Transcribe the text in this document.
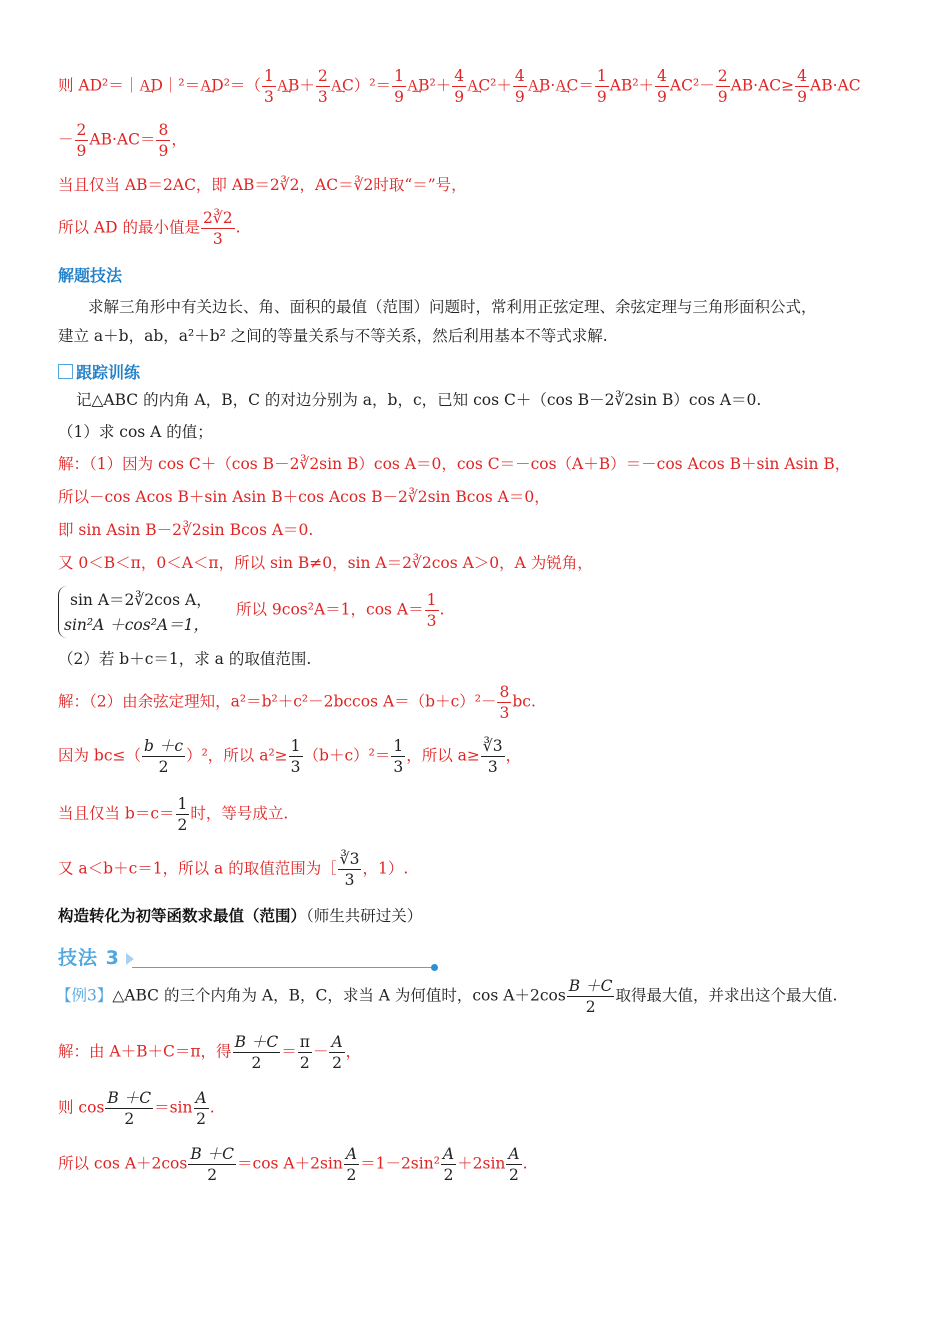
则 AD²＝｜A͢D｜²＝A͢D²＝（ $\frac{1}{3}$ A͢B＋ $\frac{2}{3}$ A͢C）²＝ $\frac{1}{9}$ A͢B²＋ $\frac{4}{9}$ A͢C²＋ $\frac{4}{9}$ A͢B·A͢C＝ $\frac{1}{9} AB^2+ \frac{4}{9} AC^2- \frac{2}{9} AB\cdot AC\ge \frac{4}{9} AB\cdot AC$
－ $\frac{2}{9} AB\cdot AC= \frac{8}{9}$ ，
当且仅当 AB＝2AC，即 AB＝2∛2，AC＝∛2时取“＝”号，
所以 AD 的最小值是 $\frac{2∛2}{3}$ .
解题技法
求解三角形中有关边长、角、面积的最值（范围）问题时，常利用正弦定理、余弦定理与三角形面积公式，
建立 a＋b，ab，a²＋b² 之间的等量关系与不等关系，然后利用基本不等式求解.
跟踪训练
记△ABC 的内角 A，B，C 的对边分别为 a，b，c，已知 cos C＋（cos B－2∛2sin B）cos A＝0.
（1）求 cos A 的值；
解：（1）因为 cos C＋（cos B－2∛2sin B）cos A＝0，cos C＝－cos（A＋B）＝－cos Acos B＋sin Asin B，
所以－cos Acos B＋sin Asin B＋cos Acos B－2∛2sin Bcos A＝0，
即 sin Asin B－2∛2sin Bcos A＝0.
又 0＜B＜π，0＜A＜π，所以 sin B≠0，sin A＝2∛2cos A＞0，A 为锐角，
sin A＝2∛2cos A，
sin²A ＋cos²A＝1，
所以 9cos²A＝1，$\cos A= \frac{1}{3}$ .
（2）若 b＋c＝1，求 a 的取值范围.
解：（2）由余弦定理知，a²＝b²＋c²－2bccos $A=(b+c)^2- \frac{8}{3}$ bc.
因为 $bc\le( \frac{b +c}{2} )^2$，所以 $a^2\ge \frac{1}{3} (b+c)^2= \frac{1}{3}$ ，所以 $a\ge \frac{∛3}{3}$ ，
当且仅当 $b=c= \frac{1}{2}$ 时，等号成立.
又 a＜b＋c＝1，所以 a 的取值范围为［ $\frac{∛3}{3}$ ，1）.
构造转化为初等函数求最值（范围）（师生共研过关）
技法 3
【例3】△ABC 的三个内角为 A，B，C，求当 A 为何值时，$\cos A+2\cos \frac{B +C}{2}$ 取得最大值，并求出这个最大值.
解：由 A＋B＋C＝π，得 $\frac{B +C}{2} = \frac{\pi}{2} - \frac{A}{2}$ ，
则 $\cos \frac{B +C}{2} =\sin \frac{A}{2}$ .
所以 $\cos A+2\cos \frac{B +C}{2} =\cos$ $A+2\sin \frac{A}{2} =1-2\sin^2 \frac{A}{2} +2\sin \frac{A}{2}$ .
